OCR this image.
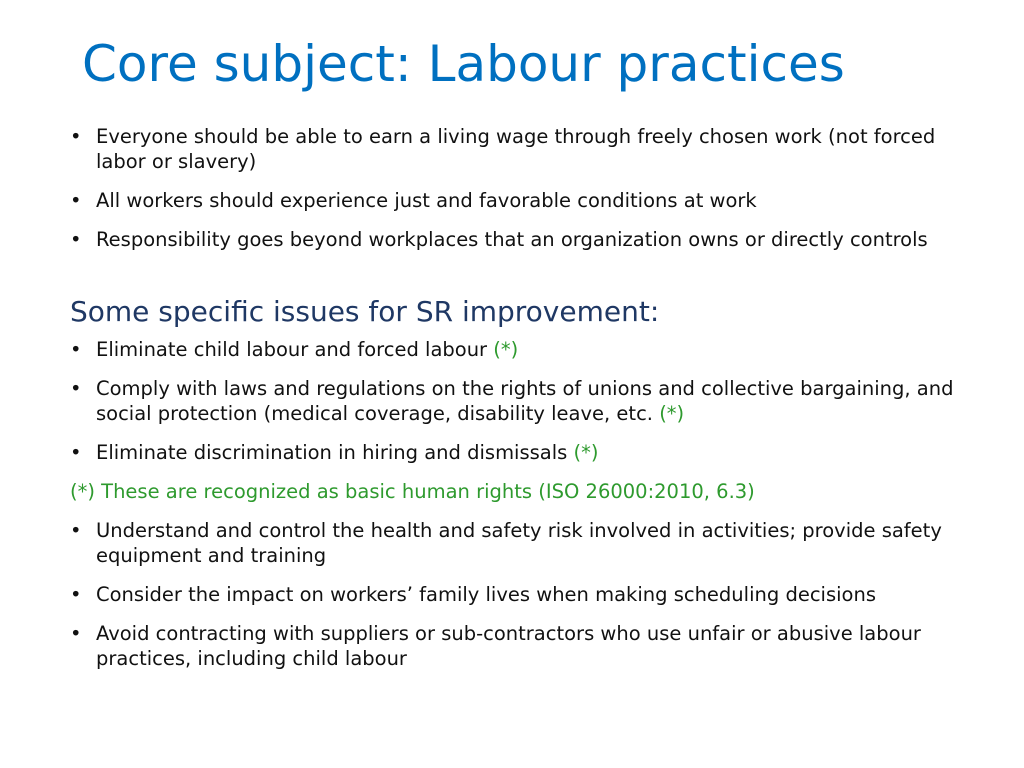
Core subject: Labour practices
• Everyone should be able to earn a living wage through freely chosen work (not forced labor or slavery)
• All workers should experience just and favorable conditions at work
• Responsibility goes beyond workplaces that an organization owns or directly controls
Some specific issues for SR improvement:
• Eliminate child labour and forced labour (*)
• Comply with laws and regulations on the rights of unions and collective bargaining, and social protection (medical coverage, disability leave, etc. (*)
• Eliminate discrimination in hiring and dismissals (*)

(*) These are recognized as basic human rights (ISO 26000:2010, 6.3)

• Understand and control the health and safety risk involved in activities; provide safety equipment and training
• Consider the impact on workers’ family lives when making scheduling decisions
• Avoid contracting with suppliers or sub-contractors who use unfair or abusive labour practices, including child labour
